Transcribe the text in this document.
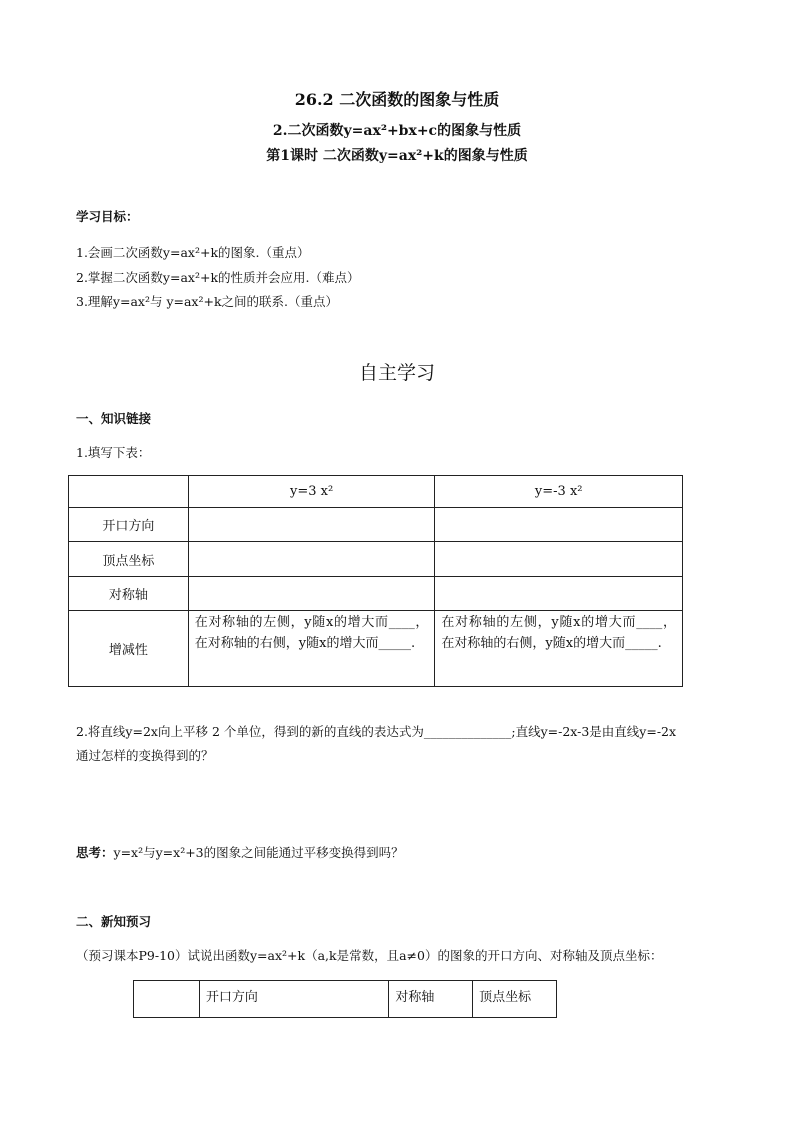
26.2 二次函数的图象与性质
2.二次函数y=ax²+bx+c的图象与性质
第1课时 二次函数y=ax²+k的图象与性质
学习目标：
1.会画二次函数y=ax²+k的图象.（重点）
2.掌握二次函数y=ax²+k的性质并会应用.（难点）
3.理解y=ax²与 y=ax²+k之间的联系.（重点）
自主学习
一、知识链接
1.填写下表：
	y=3 x²	y=-3 x²
开口方向		
顶点坐标		
对称轴		
增减性	在对称轴的左侧，y随x的增大而____，在对称轴的右侧，y随x的增大而_____.	在对称轴的左侧，y随x的增大而____，在对称轴的右侧，y随x的增大而_____.
2.将直线y=2x向上平移 2 个单位，得到的新的直线的表达式为______________;直线y=-2x-3是由直线y=-2x
通过怎样的变换得到的？
思考：y=x²与y=x²+3的图象之间能通过平移变换得到吗？
二、新知预习
（预习课本P9-10）试说出函数y=ax²+k（a,k是常数，且a≠0）的图象的开口方向、对称轴及顶点坐标：
	开口方向	对称轴	顶点坐标
